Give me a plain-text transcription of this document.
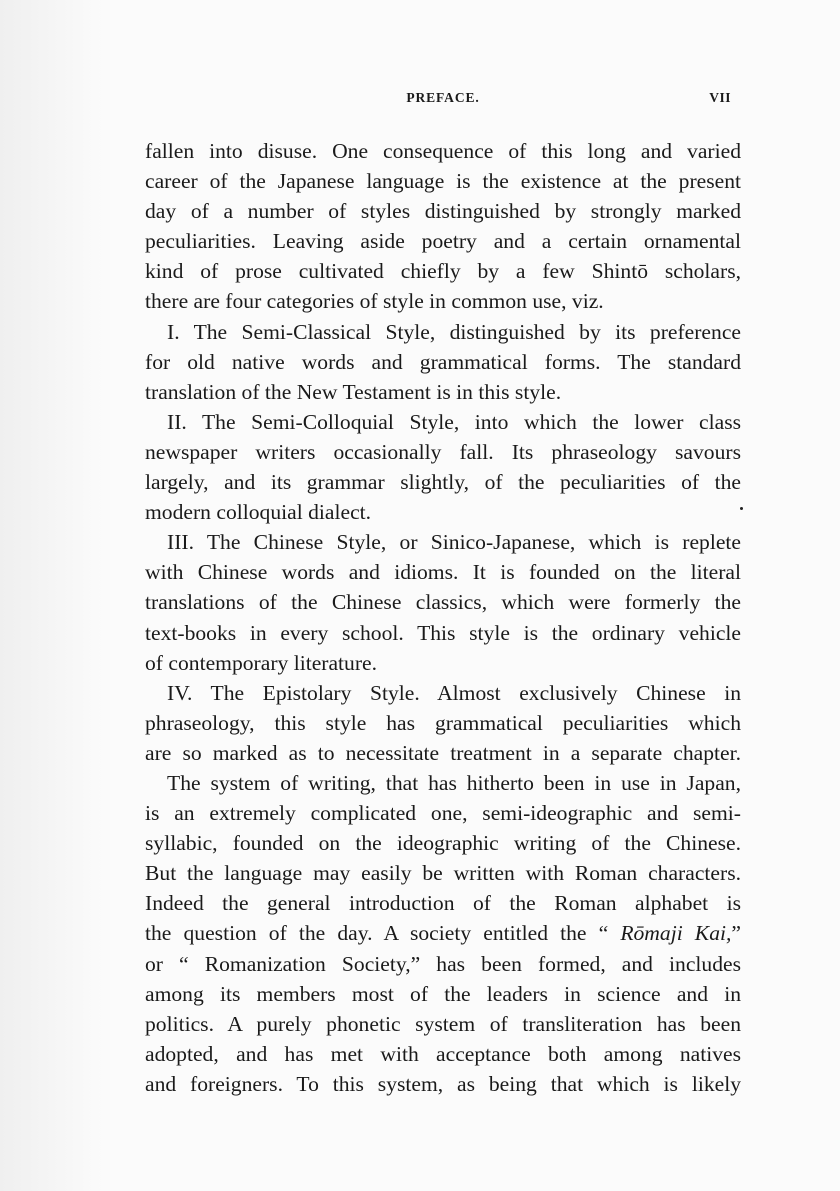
PREFACE.	VII
fallen into disuse. One consequence of this long and varied
career of the Japanese language is the existence at the present
day of a number of styles distinguished by strongly marked
peculiarities. Leaving aside poetry and a certain ornamental
kind of prose cultivated chiefly by a few Shintō scholars,
there are four categories of style in common use, viz.
I. The Semi-Classical Style, distinguished by its preference
for old native words and grammatical forms. The standard
translation of the New Testament is in this style.
II. The Semi-Colloquial Style, into which the lower class
newspaper writers occasionally fall. Its phraseology savours
largely, and its grammar slightly, of the peculiarities of the
modern colloquial dialect.
III. The Chinese Style, or Sinico-Japanese, which is replete
with Chinese words and idioms. It is founded on the literal
translations of the Chinese classics, which were formerly the
text-books in every school. This style is the ordinary vehicle
of contemporary literature.
IV. The Epistolary Style. Almost exclusively Chinese in
phraseology, this style has grammatical peculiarities which
are so marked as to necessitate treatment in a separate chapter.
The system of writing, that has hitherto been in use in Japan,
is an extremely complicated one, semi-ideographic and semi-
syllabic, founded on the ideographic writing of the Chinese.
But the language may easily be written with Roman characters.
Indeed the general introduction of the Roman alphabet is
the question of the day. A society entitled the “ Rōmaji Kai,”
or “ Romanization Society,” has been formed, and includes
among its members most of the leaders in science and in
politics. A purely phonetic system of transliteration has been
adopted, and has met with acceptance both among natives
and foreigners. To this system, as being that which is likely
